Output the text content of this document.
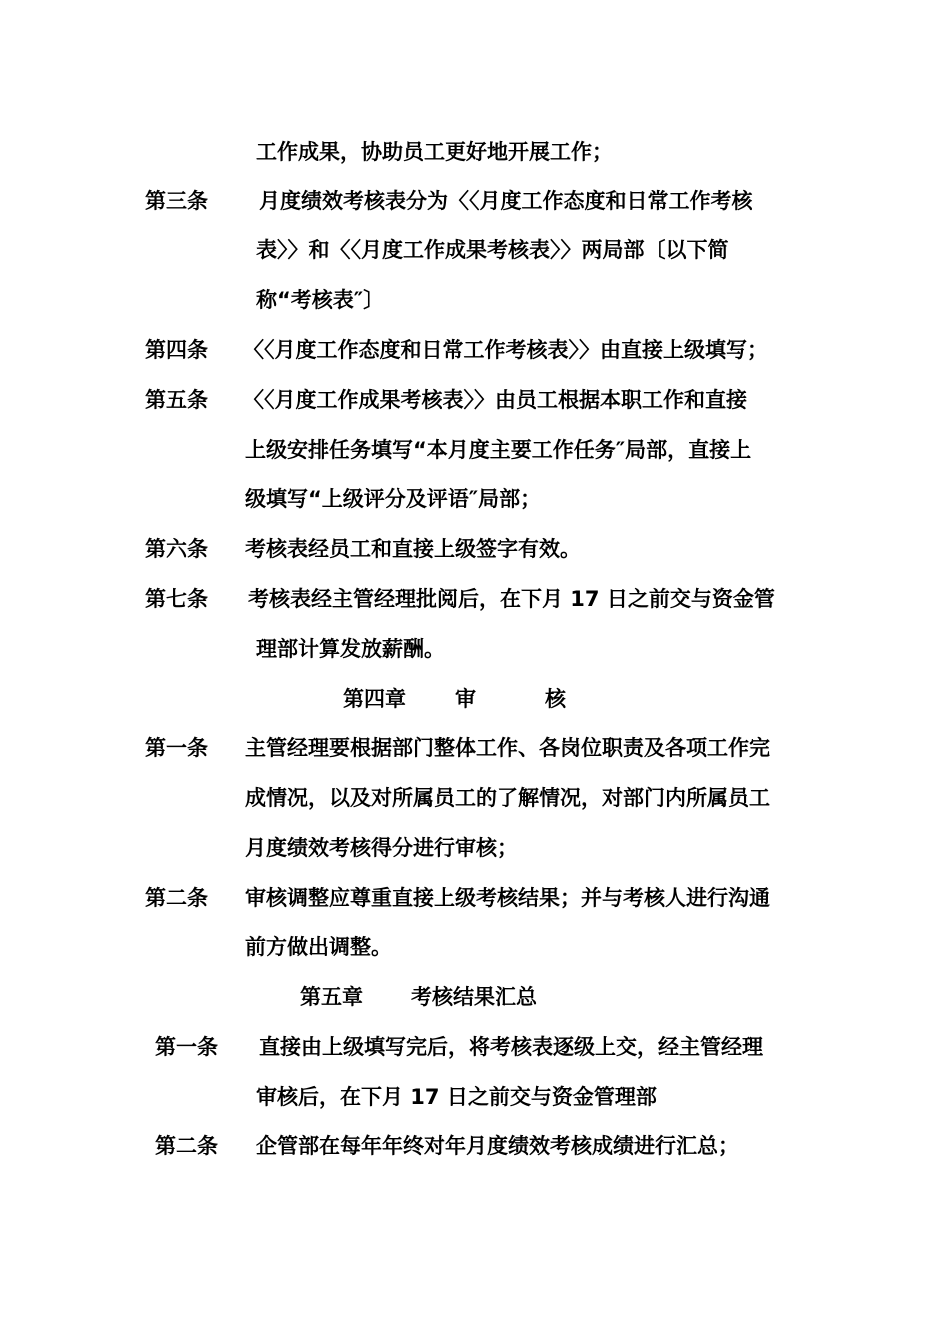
工作成果，协助员工更好地开展工作；
第三条 月度绩效考核表分为〈〈月度工作态度和日常工作考核
表〉〉和〈〈月度工作成果考核表〉〉两局部〔以下简
称“考核表″〕
第四条 〈〈月度工作态度和日常工作考核表〉〉由直接上级填写；
第五条 〈〈月度工作成果考核表〉〉由员工根据本职工作和直接
上级安排任务填写“本月度主要工作任务″局部，直接上
级填写“上级评分及评语″局部；
第六条 考核表经员工和直接上级签字有效。
第七条 考核表经主管经理批阅后，在下月 17 日之前交与资金管
理部计算发放薪酬。
第四章 审	核
第一条 主管经理要根据部门整体工作、各岗位职责及各项工作完
成情况，以及对所属员工的了解情况，对部门内所属员工
月度绩效考核得分进行审核；
第二条 审核调整应尊重直接上级考核结果；并与考核人进行沟通
前方做出调整。
第五章 考核结果汇总
第一条 直接由上级填写完后，将考核表逐级上交，经主管经理
审核后，在下月 17 日之前交与资金管理部
第二条 企管部在每年年终对年月度绩效考核成绩进行汇总；
